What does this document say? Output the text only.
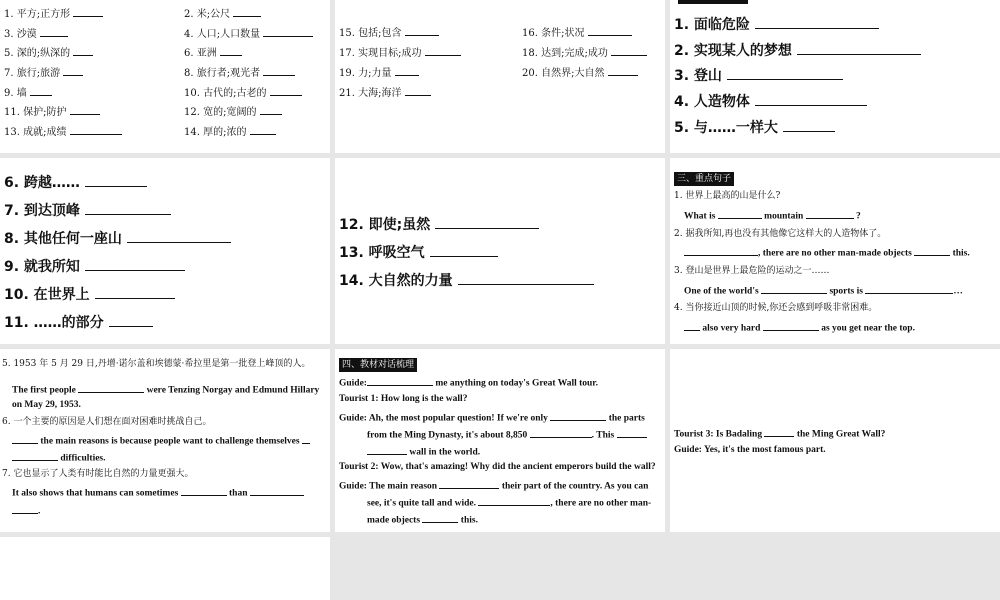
1. 平方;正方形	2. 米;公尺
3. 沙漠	4. 人口;人口数量
5. 深的;纵深的	6. 亚洲
7. 旅行;旅游	8. 旅行者;观光者
9. 墙	10. 古代的;古老的
11. 保护;防护	12. 宽的;宽阔的
13. 成就;成绩	14. 厚的;浓的
15. 包括;包含	16. 条件;状况
17. 实现目标;成功	18. 达到;完成;成功
19. 力;力量	20. 自然界;大自然
21. 大海;海洋
1. 面临危险
2. 实现某人的梦想
3. 登山
4. 人造物体
5. 与……一样大
6. 跨越……
7. 到达顶峰
8. 其他任何一座山
9. 就我所知
10. 在世界上
11. ……的部分
12. 即使;虽然
13. 呼吸空气
14. 大自然的力量
三、重点句子
1. 世界上最高的山是什么?
What is	mountain	?
2. 据我所知,再也没有其他像它这样大的人造物体了。
, there are no other man-made objects	this.
3. 登山是世界上最危险的运动之一……
One of the world's	sports is	…
4. 当你接近山顶的时候,你还会感到呼吸非常困难。
also very hard	as you get near the top.
5. 1953 年 5 月 29 日,丹增·诺尔盖和埃德蒙·希拉里是第一批登上峰顶的人。
The first people	were Tenzing Norgay and Edmund Hillary
on May 29, 1953.
6. 一个主要的原因是人们想在面对困难时挑战自己。
the main reasons is because people want to challenge themselves
difficulties.
7. 它也显示了人类有时能比自然的力量更强大。
It also shows that humans can sometimes	than
.
四、教材对话梳理
Guide:	me anything on today's Great Wall tour.
Tourist 1: How long is the wall?
Guide: Ah, the most popular question! If we're only	the parts
from the Ming Dynasty, it's about 8,850	. This
wall in the world.
Tourist 2: Wow, that's amazing! Why did the ancient emperors build the wall?
Guide: The main reason	their part of the country. As you can
see, it's quite tall and wide.	, there are no other man-
made objects	this.
Tourist 3: Is Badaling	the Ming Great Wall?
Guide: Yes, it's the most famous part.
